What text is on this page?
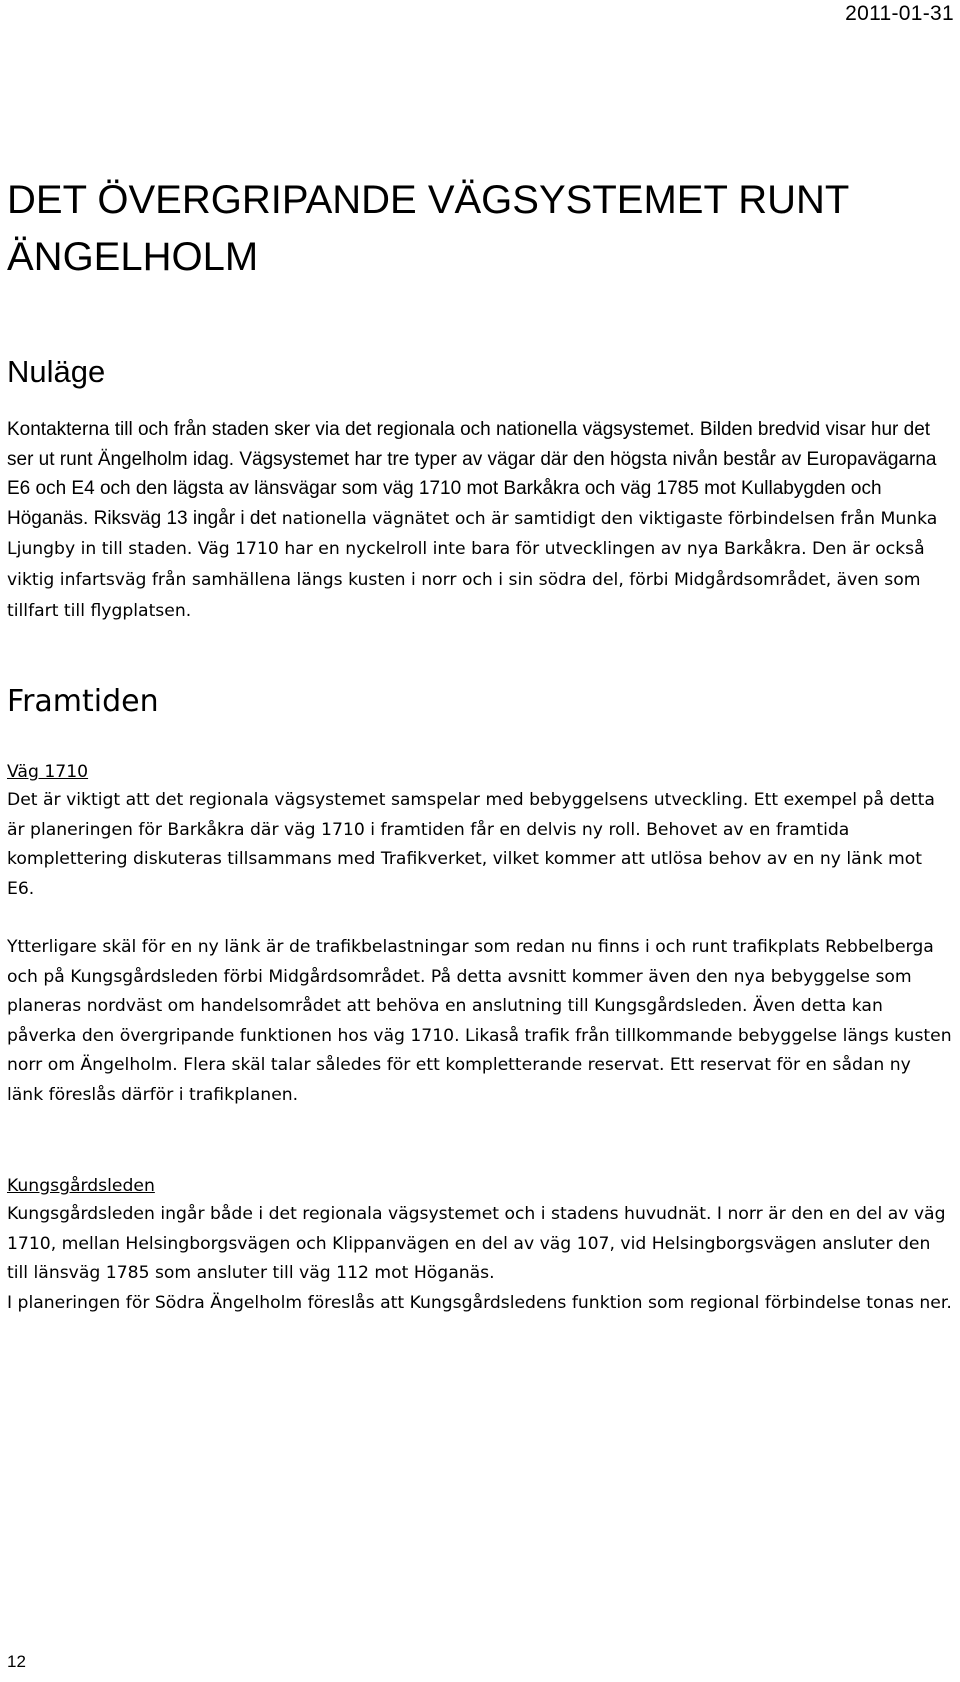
2011-01-31
DET ÖVERGRIPANDE VÄGSYSTEMET RUNT ÄNGELHOLM
Nuläge

Kontakterna till och från staden sker via det regionala och nationella vägsystemet. Bilden bredvid visar hur det ser ut runt Ängelholm idag. Vägsystemet har tre typer av vägar där den högsta nivån består av Europavägarna E6 och E4 och den lägsta av länsvägar som väg 1710 mot Barkåkra och väg 1785 mot Kullabygden och Höganäs. Riksväg 13 ingår i det nationella vägnätet och är samtidigt den viktigaste förbindelsen från Munka Ljungby in till staden. Väg 1710 har en nyckelroll inte bara för utvecklingen av nya Barkåkra. Den är också viktig infartsväg från samhällena längs kusten i norr och i sin södra del, förbi Midgårdsområdet, även som tillfart till flygplatsen.

Framtiden
Väg 1710

Det är viktigt att det regionala vägsystemet samspelar med bebyggelsens utveckling. Ett exempel på detta är planeringen för Barkåkra där väg 1710 i framtiden får en delvis ny roll. Behovet av en framtida komplettering diskuteras tillsammans med Trafikverket, vilket kommer att utlösa behov av en ny länk mot E6.

Ytterligare skäl för en ny länk är de trafikbelastningar som redan nu finns i och runt trafikplats Rebbelberga och på Kungsgårdsleden förbi Midgårdsområdet. På detta avsnitt kommer även den nya bebyggelse som planeras nordväst om handelsområdet att behöva en anslutning till Kungsgårdsleden. Även detta kan påverka den övergripande funktionen hos väg 1710. Likaså trafik från tillkommande bebyggelse längs kusten norr om Ängelholm. Flera skäl talar således för ett kompletterande reservat. Ett reservat för en sådan ny länk föreslås därför i trafikplanen.

Kungsgårdsleden

Kungsgårdsleden ingår både i det regionala vägsystemet och i stadens huvudnät. I norr är den en del av väg 1710, mellan Helsingborgsvägen och Klippanvägen en del av väg 107, vid Helsingborgsvägen ansluter den till länsväg 1785 som ansluter till väg 112 mot Höganäs.
I planeringen för Södra Ängelholm föreslås att Kungsgårdsledens funktion som regional förbindelse tonas ner.

12
